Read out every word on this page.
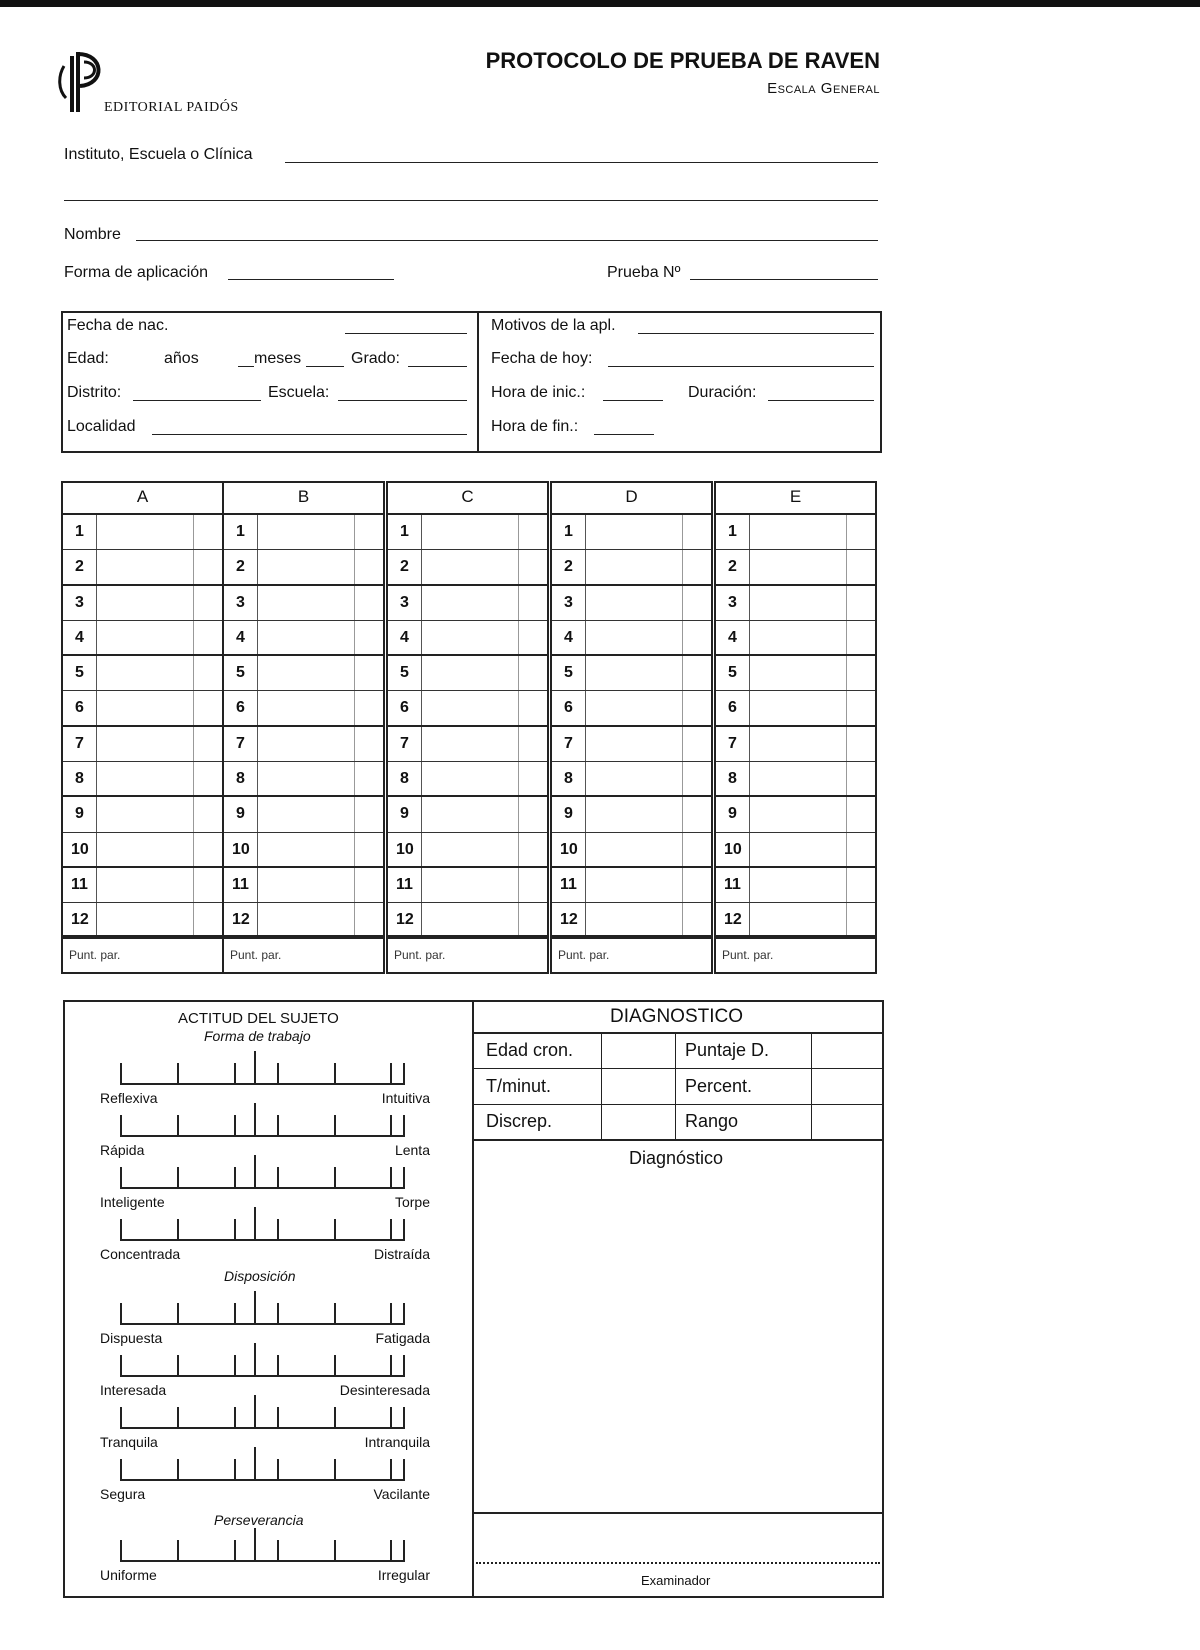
EDITORIAL PAIDÓS
PROTOCOLO DE PRUEBA DE RAVEN
Escala General
Instituto, Escuela o Clínica
Nombre
Forma de aplicación	Prueba Nº
Fecha de nac.
Edad:	años	meses	Grado:
Distrito:	Escuela:
Localidad
Motivos de la apl.
Fecha de hoy:
Hora de inic.:	Duración:
Hora de fin.:
A
1
2
3
4
5
6
7
8
9
10
11
12
Punt. par.
B
1
2
3
4
5
6
7
8
9
10
11
12
Punt. par.
C
1
2
3
4
5
6
7
8
9
10
11
12
Punt. par.
D
1
2
3
4
5
6
7
8
9
10
11
12
Punt. par.
E
1
2
3
4
5
6
7
8
9
10
11
12
Punt. par.
ACTITUD DEL SUJETO
Forma de trabajo
Disposición
Perseverancia
Reflexiva	Intuitiva
Rápida	Lenta
Inteligente	Torpe
Concentrada	Distraída
Dispuesta	Fatigada
Interesada	Desinteresada
Tranquila	Intranquila
Segura	Vacilante
Uniforme	Irregular
DIAGNOSTICO
Edad cron.	Puntaje D.
T/minut.	Percent.
Discrep.	Rango
Diagnóstico
Examinador
